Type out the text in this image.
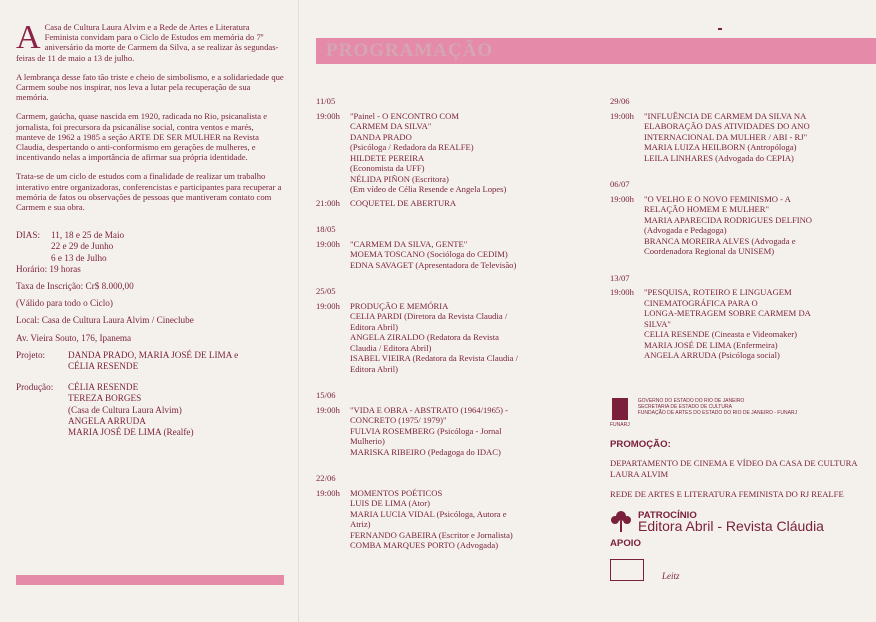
A Casa de Cultura Laura Alvim e a Rede de Artes e Literatura Feminista convidam para o Ciclo de Estudos em memória do 7º aniversário da morte de Carmem da Silva, a se realizar às segundas-feiras de 11 de maio a 13 de julho.
A lembrança desse fato tão triste e cheio de simbolismo, e a solidariedade que Carmem soube nos inspirar, nos leva a lutar pela recuperação de sua memória.
Carmem, gaúcha, quase nascida em 1920, radicada no Rio, psicanalista e jornalista, foi precursora da psicanálise social, contra ventos e marés, manteve de 1962 a 1985 a seção ARTE DE SER MULHER na Revista Claudia, despertando o anti-conformismo em gerações de mulheres, e incentivando nelas a importância de afirmar sua própria identidade.
Trata-se de um ciclo de estudos com a finalidade de realizar um trabalho interativo entre organizadoras, conferencistas e participantes para recuperar a memória de fatos ou observações de pessoas que mantiveram contato com Carmem e sua obra.
DIAS:	11, 18 e 25 de Maio
22 e 29 de Junho
6 e 13 de Julho
Horário: 19 horas
Taxa de Inscrição: Cr$ 8.000,00
(Válido para todo o Ciclo)
Local: Casa de Cultura Laura Alvim / Cineclube
Av. Vieira Souto, 176, Ipanema
Projeto:	DANDA PRADO, MARIA JOSÉ DE LIMA e
CÉLIA RESENDE
Produção:	CÉLIA RESENDE
TEREZA BORGES
(Casa de Cultura Laura Alvim)
ANGELA ARRUDA
MARIA JOSÉ DE LIMA (Realfe)
PROGRAMAÇÃO
11/05
19:00h	"Painel - O ENCONTRO COM
CARMEM DA SILVA"
DANDA PRADO
(Psicóloga / Redadora da REALFE)
HILDETE PEREIRA
(Economista da UFF)
NÉLIDA PIÑON (Escritora)
(Em vídeo de Célia Resende e Angela Lopes)
21:00h	COQUETEL DE ABERTURA
18/05
19:00h	"CARMEM DA SILVA, GENTE"
MOEMA TOSCANO (Socióloga do CEDIM)
EDNA SAVAGET (Apresentadora de Televisão)
25/05
19:00h	PRODUÇÃO E MEMÓRIA
CELIA PARDI (Diretora da Revista Claudia /
Editora Abril)
ANGELA ZIRALDO (Redatora da Revista
Claudia / Editora Abril)
ISABEL VIEIRA (Redatora da Revista Claudia /
Editora Abril)
15/06
19:00h	"VIDA E OBRA - ABSTRATO (1964/1965) -
CONCRETO (1975/ 1979)"
FULVIA ROSEMBERG (Psicóloga - Jornal
Mulherio)
MARISKA RIBEIRO (Pedagoga do IDAC)
22/06
19:00h	MOMENTOS POÉTICOS
LUIS DE LIMA (Ator)
MARIA LUCIA VIDAL (Psicóloga, Autora e
Atriz)
FERNANDO GABEIRA (Escritor e Jornalista)
COMBA MARQUES PORTO (Advogada)
29/06
19:00h	"INFLUÊNCIA DE CARMEM DA SILVA NA
ELABORAÇÃO DAS ATIVIDADES DO ANO
INTERNACIONAL DA MULHER / ABI - RJ"
MARIA LUIZA HEILBORN (Antropóloga)
LEILA LINHARES (Advogada do CEPIA)
06/07
19:00h	"O VELHO E O NOVO FEMINISMO - A
RELAÇÃO HOMEM E MULHER"
MARIA APARECIDA RODRIGUES DELFINO
(Advogada e Pedagoga)
BRANCA MOREIRA ALVES (Advogada e
Coordenadora Regional da UNISEM)
13/07
19:00h	"PESQUISA, ROTEIRO E LINGUAGEM
CINEMATOGRÁFICA PARA O
LONGA-METRAGEM SOBRE CARMEM DA
SILVA"
CELIA RESENDE (Cineasta e Videomaker)
MARIA JOSÉ DE LIMA (Enfermeira)
ANGELA ARRUDA (Psicóloga social)
FUNARJ
GOVERNO DO ESTADO DO RIO DE JANEIRO
SECRETARIA DE ESTADO DE CULTURA
FUNDAÇÃO DE ARTES DO ESTADO DO RIO DE JANEIRO - FUNARJ
PROMOÇÃO:
DEPARTAMENTO DE CINEMA E VÍDEO DA CASA DE CULTURA LAURA ALVIM
REDE DE ARTES E LITERATURA FEMINISTA DO RJ REALFE
PATROCÍNIO
Editora Abril - Revista Cláudia
APOIO
Leitz
